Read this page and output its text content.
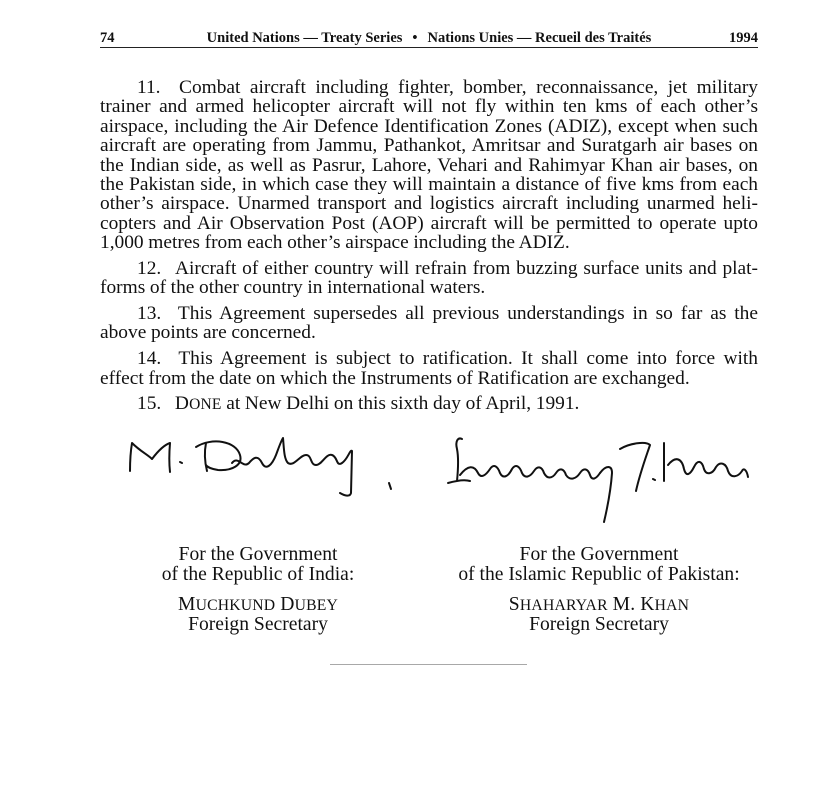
74	United Nations — Treaty Series • Nations Unies — Recueil des Traités	1994
11. Combat aircraft including fighter, bomber, reconnaissance, jet military
trainer and armed helicopter aircraft will not fly within ten kms of each other’s
airspace, including the Air Defence Identification Zones (ADIZ), except when such
aircraft are operating from Jammu, Pathankot, Amritsar and Suratgarh air bases on
the Indian side, as well as Pasrur, Lahore, Vehari and Rahimyar Khan air bases, on
the Pakistan side, in which case they will maintain a distance of five kms from each
other’s airspace. Unarmed transport and logistics aircraft including unarmed heli-
copters and Air Observation Post (AOP) aircraft will be permitted to operate upto
1,000 metres from each other’s airspace including the ADIZ.
12. Aircraft of either country will refrain from buzzing surface units and plat-
forms of the other country in international waters.
13. This Agreement supersedes all previous understandings in so far as the
above points are concerned.
14. This Agreement is subject to ratification. It shall come into force with
effect from the date on which the Instruments of Ratification are exchanged.
15. DONE at New Delhi on this sixth day of April, 1991.
For the Government
of the Republic of India:
MUCHKUND DUBEY
Foreign Secretary
For the Government
of the Islamic Republic of Pakistan:
SHAHARYAR M. KHAN
Foreign Secretary
